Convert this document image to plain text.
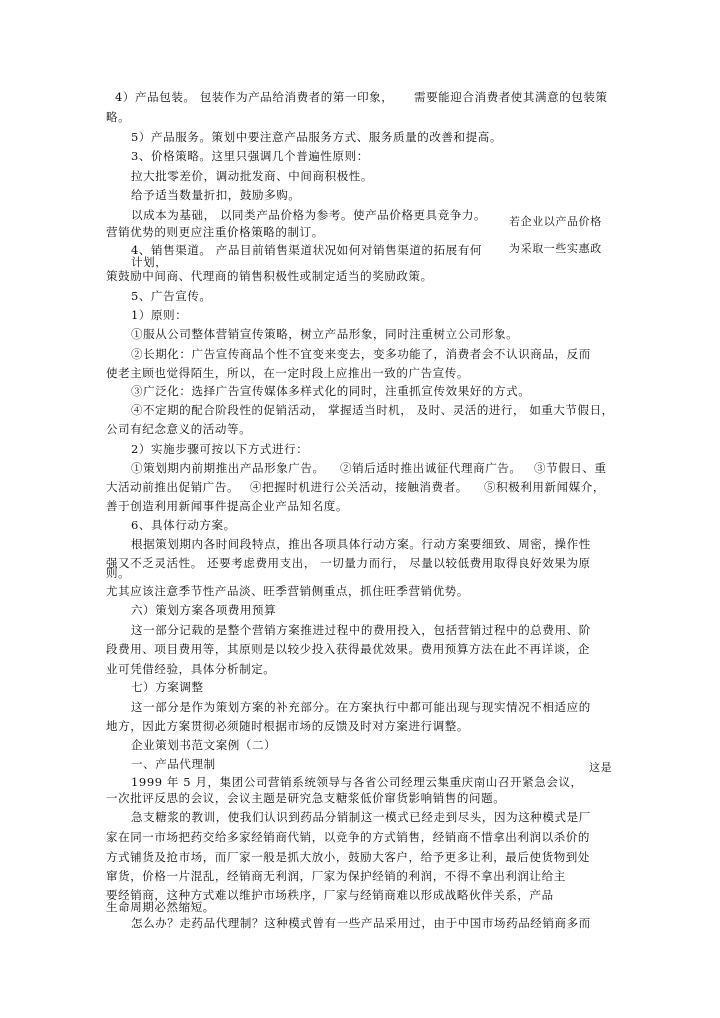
4）产品包装。 包装作为产品给消费者的第一印象， 需要能迎合消费者使其满意的包装策
略。
5）产品服务。策划中要注意产品服务方式、服务质量的改善和提高。
3、价格策略。这里只强调几个普遍性原则：
拉大批零差价，调动批发商、中间商积极性。
给予适当数量折扣，鼓励多购。
以成本为基础， 以同类产品价格为参考。使产品价格更具竞争力。 若企业以产品价格
营销优势的则更应注重价格策略的制订。
4、销售渠道。 产品目前销售渠道状况如何对销售渠道的拓展有何 为采取一些实惠政
计划，
策鼓励中间商、代理商的销售积极性或制定适当的奖励政策。
5、广告宣传。
1）原则：
①服从公司整体营销宣传策略，树立产品形象，同时注重树立公司形象。
②长期化：广告宣传商品个性不宜变来变去，变多功能了，消费者会不认识商品，反而
使老主顾也觉得陌生，所以，在一定时段上应推出一致的广告宣传。
③广泛化：选择广告宣传媒体多样式化的同时，注重抓宣传效果好的方式。
④不定期的配合阶段性的促销活动， 掌握适当时机， 及时、灵活的进行， 如重大节假日，
公司有纪念意义的活动等。
2）实施步骤可按以下方式进行：
①策划期内前期推出产品形象广告。 ②销后适时推出诚征代理商广告。 ③节假日、重
大活动前推出促销广告。 ④把握时机进行公关活动，接触消费者。 ⑤积极利用新闻媒介，
善于创造利用新闻事件提高企业产品知名度。
6、具体行动方案。
根据策划期内各时间段特点，推出各项具体行动方案。行动方案要细致、周密，操作性
强又不乏灵活性。 还要考虑费用支出， 一切量力而行， 尽量以较低费用取得良好效果为原
则。
尤其应该注意季节性产品淡、旺季营销侧重点，抓住旺季营销优势。
六）策划方案各项费用预算
这一部分记载的是整个营销方案推进过程中的费用投入，包括营销过程中的总费用、阶
段费用、项目费用等，其原则是以较少投入获得最优效果。费用预算方法在此不再详谈，企
业可凭借经验，具体分析制定。
七）方案调整
这一部分是作为策划方案的补充部分。在方案执行中都可能出现与现实情况不相适应的
地方，因此方案贯彻必须随时根据市场的反馈及时对方案进行调整。
企业策划书范文案例（二）
一、产品代理制	这是
1999 年 5 月，集团公司营销系统领导与各省公司经理云集重庆南山召开紧急会议，
一次批评反思的会议，会议主题是研究急支糖浆低价窜货影响销售的问题。
急支糖浆的教训，使我们认识到药品分销制这一模式已经走到尽头，因为这种模式是厂
家在同一市场把药交给多家经销商代销，以竞争的方式销售，经销商不惜拿出利润以杀价的
方式铺货及抢市场，而厂家一般是抓大放小，鼓励大客户，给予更多让利，最后使货物到处
窜货，价格一片混乱，经销商无利润，厂家为保护经销的利润，不得不拿出利润让给主
要经销商，这种方式难以维护市场秩序，厂家与经销商难以形成战略伙伴关系，产品
生命周期必然缩短。
怎么办？走药品代理制？这种模式曾有一些产品采用过，由于中国市场药品经销商多而
